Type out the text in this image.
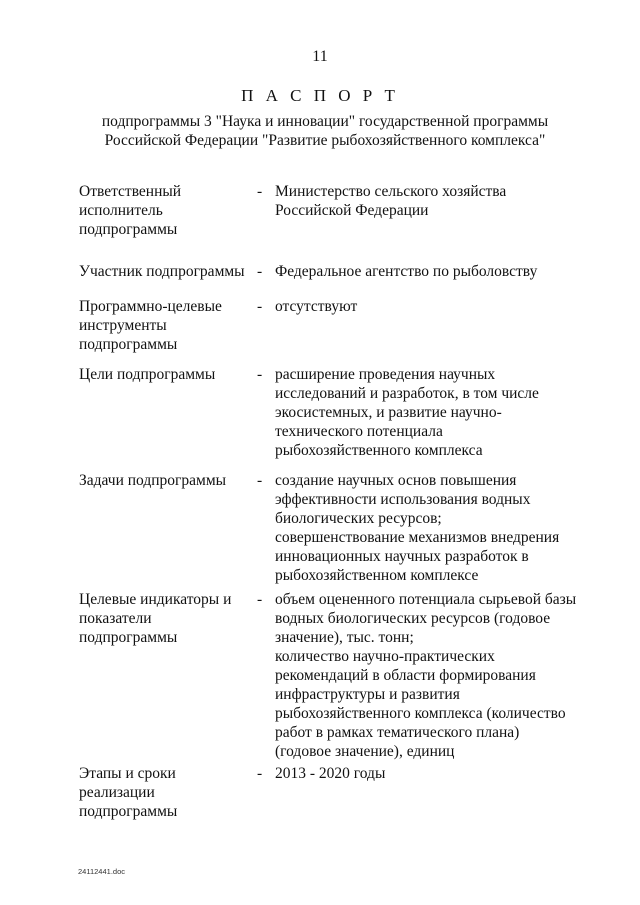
11
П А С П О Р Т
подпрограммы 3 "Наука и инновации" государственной программы
Российской Федерации "Развитие рыбохозяйственного комплекса"
Ответственный
исполнитель
подпрограммы
- Министерство сельского хозяйства
Российской Федерации
Участник подпрограммы - Федеральное агентство по рыболовству
Программно-целевые
инструменты
подпрограммы
- отсутствуют
Цели подпрограммы	- расширение проведения научных
исследований и разработок, в том числе
экосистемных, и развитие научно-
технического потенциала
рыбохозяйственного комплекса
Задачи подпрограммы	- создание научных основ повышения
эффективности использования водных
биологических ресурсов;
совершенствование механизмов внедрения
инновационных научных разработок в
рыбохозяйственном комплексе
Целевые индикаторы и
показатели
подпрограммы
- объем оцененного потенциала сырьевой базы
водных биологических ресурсов (годовое
значение), тыс. тонн;
количество научно-практических
рекомендаций в области формирования
инфраструктуры и развития
рыбохозяйственного комплекса (количество
работ в рамках тематического плана)
(годовое значение), единиц
Этапы и сроки
реализации
подпрограммы
- 2013 - 2020 годы
24112441.doc
